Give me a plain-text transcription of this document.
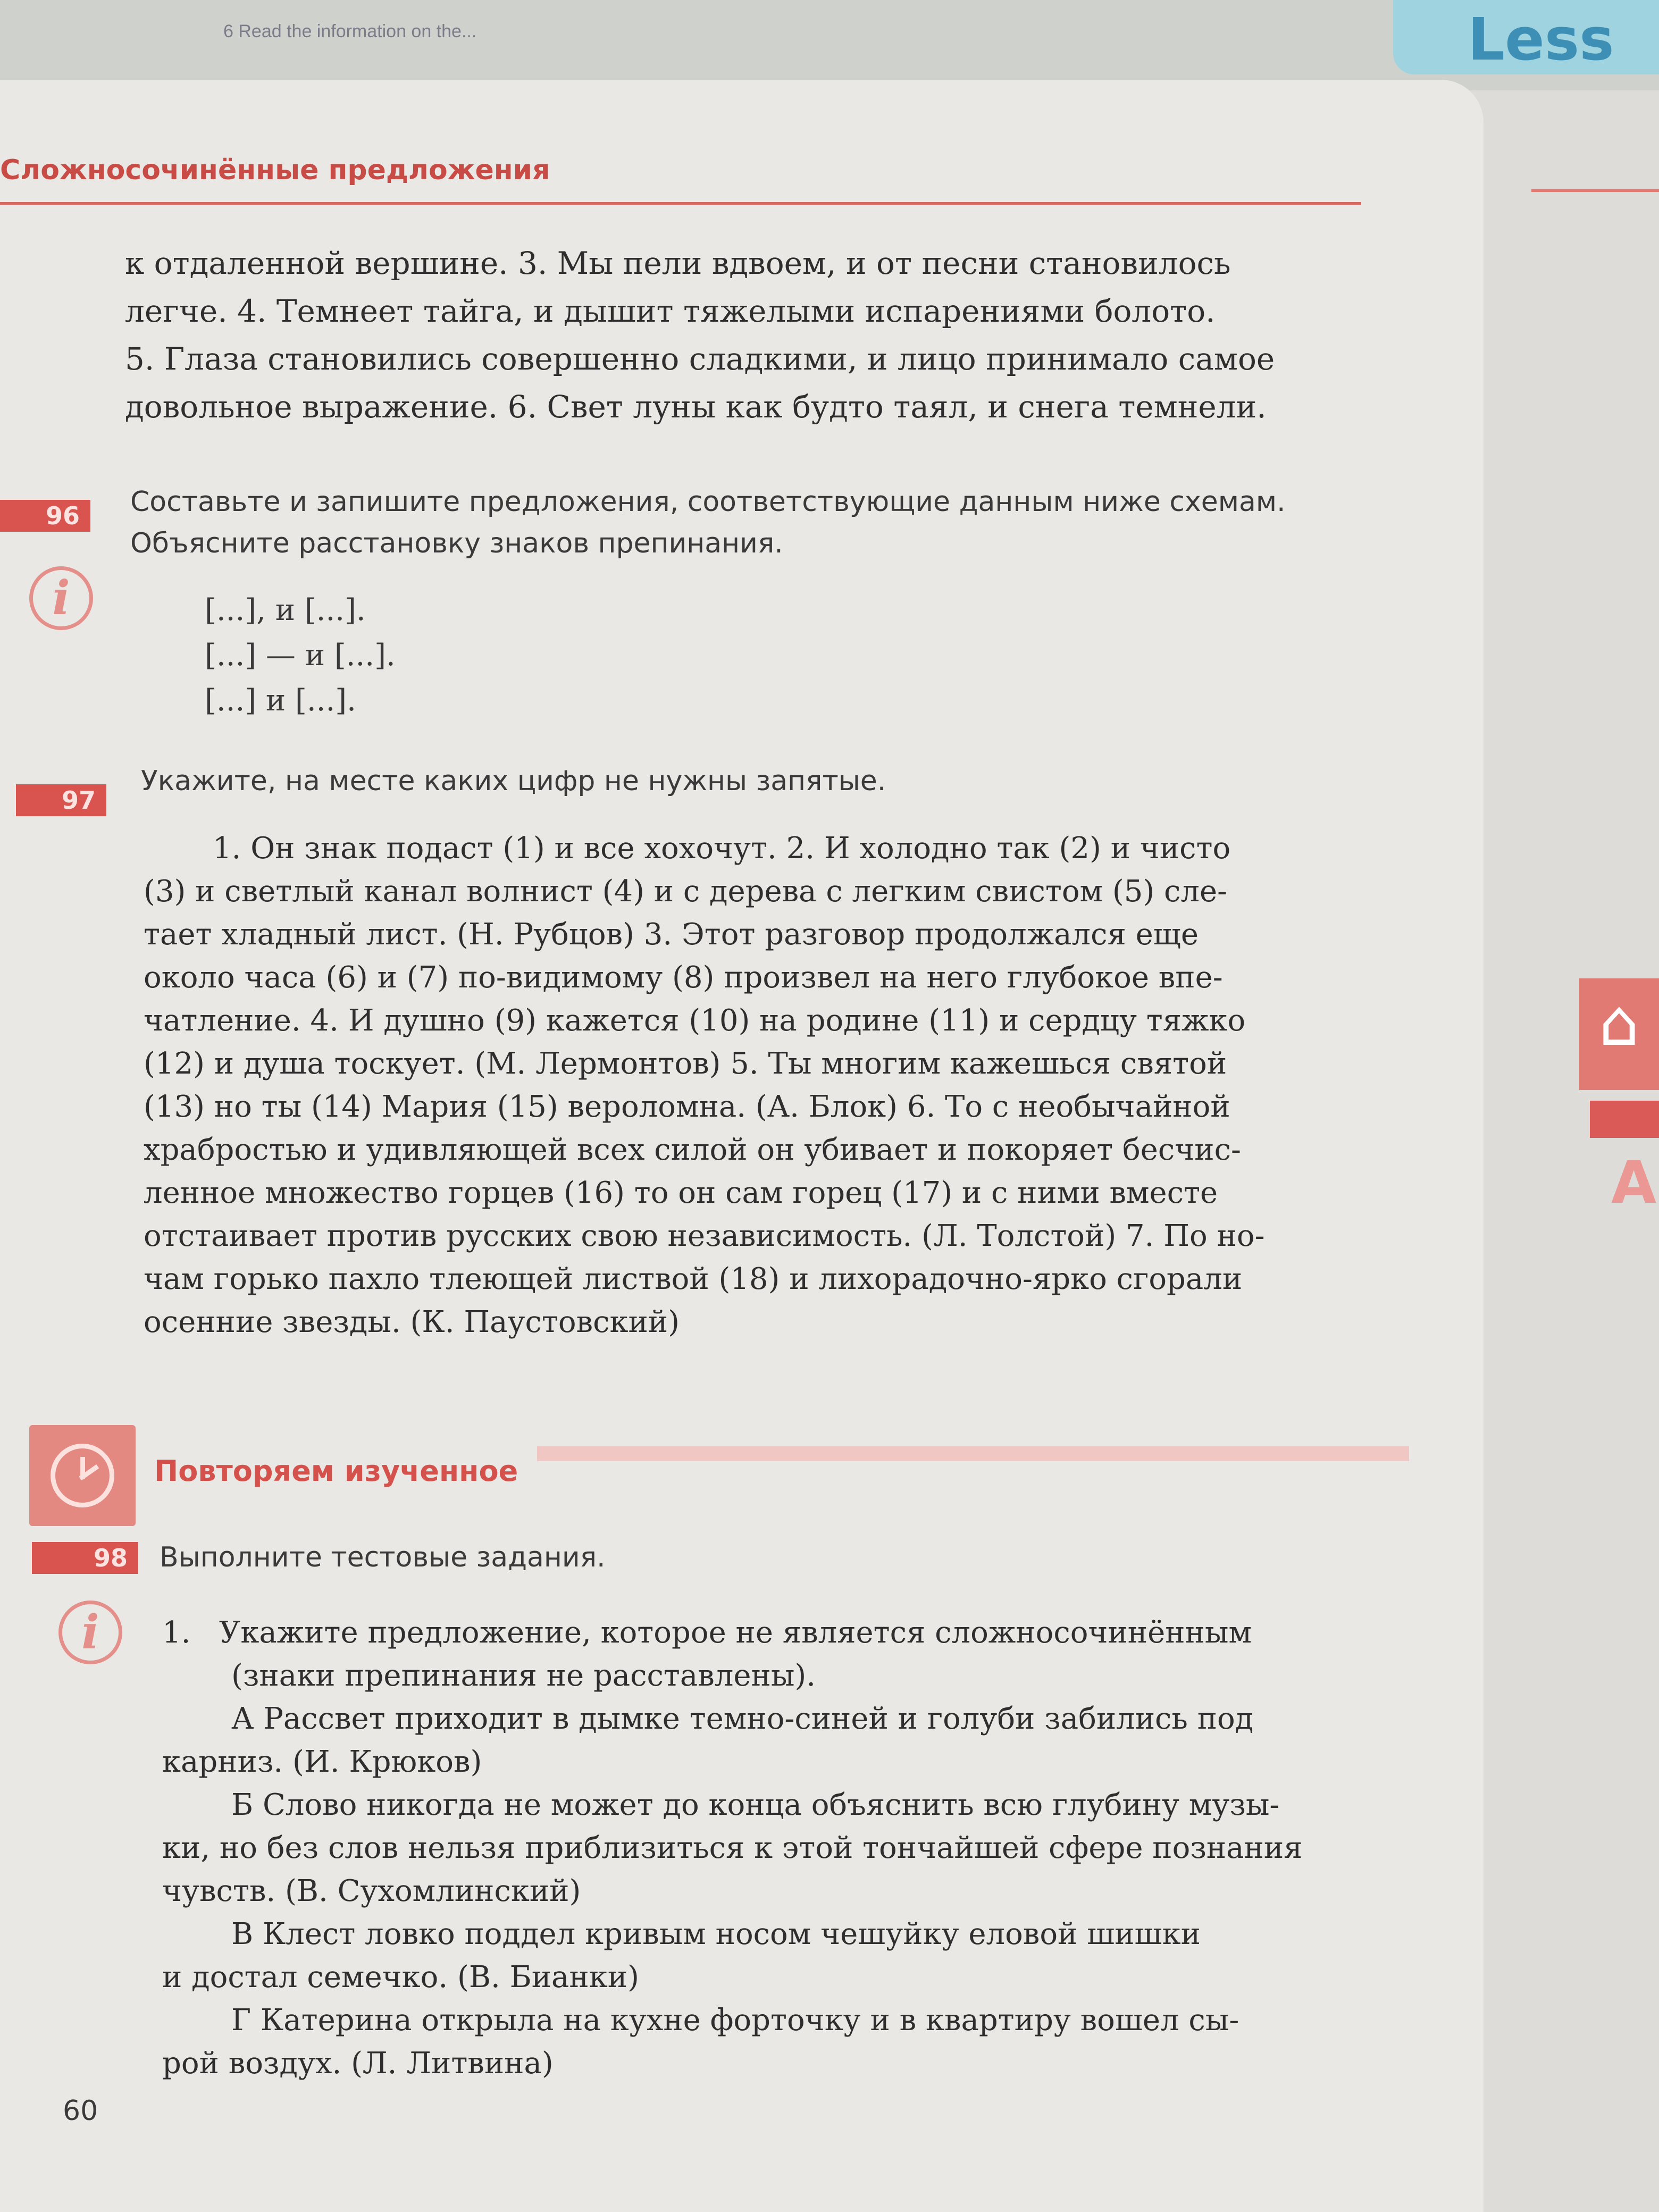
6 Read the information on the...	Less
⌂
А
Сложносочинённые предложения
к отдаленной вершине. 3. Мы пели вдвоем, и от песни становилось
легче. 4. Темнеет тайга, и дышит тяжелыми испарениями болото.
5. Глаза становились совершенно сладкими, и лицо принимало самое
довольное выражение. 6. Свет луны как будто таял, и снега темнели.
96	Составьте и запишите предложения, соответствующие данным ниже схемам.
Объясните расстановку знаков препинания.
i	[...], и [...].
[...] — и [...].
[...] и [...].
97
Укажите, на месте каких цифр не нужны запятые.
1. Он знак подаст (1) и все хохочут. 2. И холодно так (2) и чисто
(3) и светлый канал волнист (4) и с дерева с легким свистом (5) сле-
тает хладный лист. (Н. Рубцов) 3. Этот разговор продолжался еще
около часа (6) и (7) по-видимому (8) произвел на него глубокое впе-
чатление. 4. И душно (9) кажется (10) на родине (11) и сердцу тяжко
(12) и душа тоскует. (М. Лермонтов) 5. Ты многим кажешься святой
(13) но ты (14) Мария (15) вероломна. (А. Блок) 6. То с необычайной
храбростью и удивляющей всех силой он убивает и покоряет бесчис-
ленное множество горцев (16) то он сам горец (17) и с ними вместе
отстаивает против русских свою независимость. (Л. Толстой) 7. По но-
чам горько пахло тлеющей листвой (18) и лихорадочно-ярко сгорали
осенние звезды. (К. Паустовский)
Повторяем изученное
98	Выполните тестовые задания.
i	1. Укажите предложение, которое не является сложносочинённым
(знаки препинания не расставлены).
А Рассвет приходит в дымке темно-синей и голуби забились под
карниз. (И. Крюков)
Б Слово никогда не может до конца объяснить всю глубину музы-
ки, но без слов нельзя приблизиться к этой тончайшей сфере познания
чувств. (В. Сухомлинский)
В Клест ловко поддел кривым носом чешуйку еловой шишки
и достал семечко. (В. Бианки)
Г Катерина открыла на кухне форточку и в квартиру вошел сы-
рой воздух. (Л. Литвина)
60
